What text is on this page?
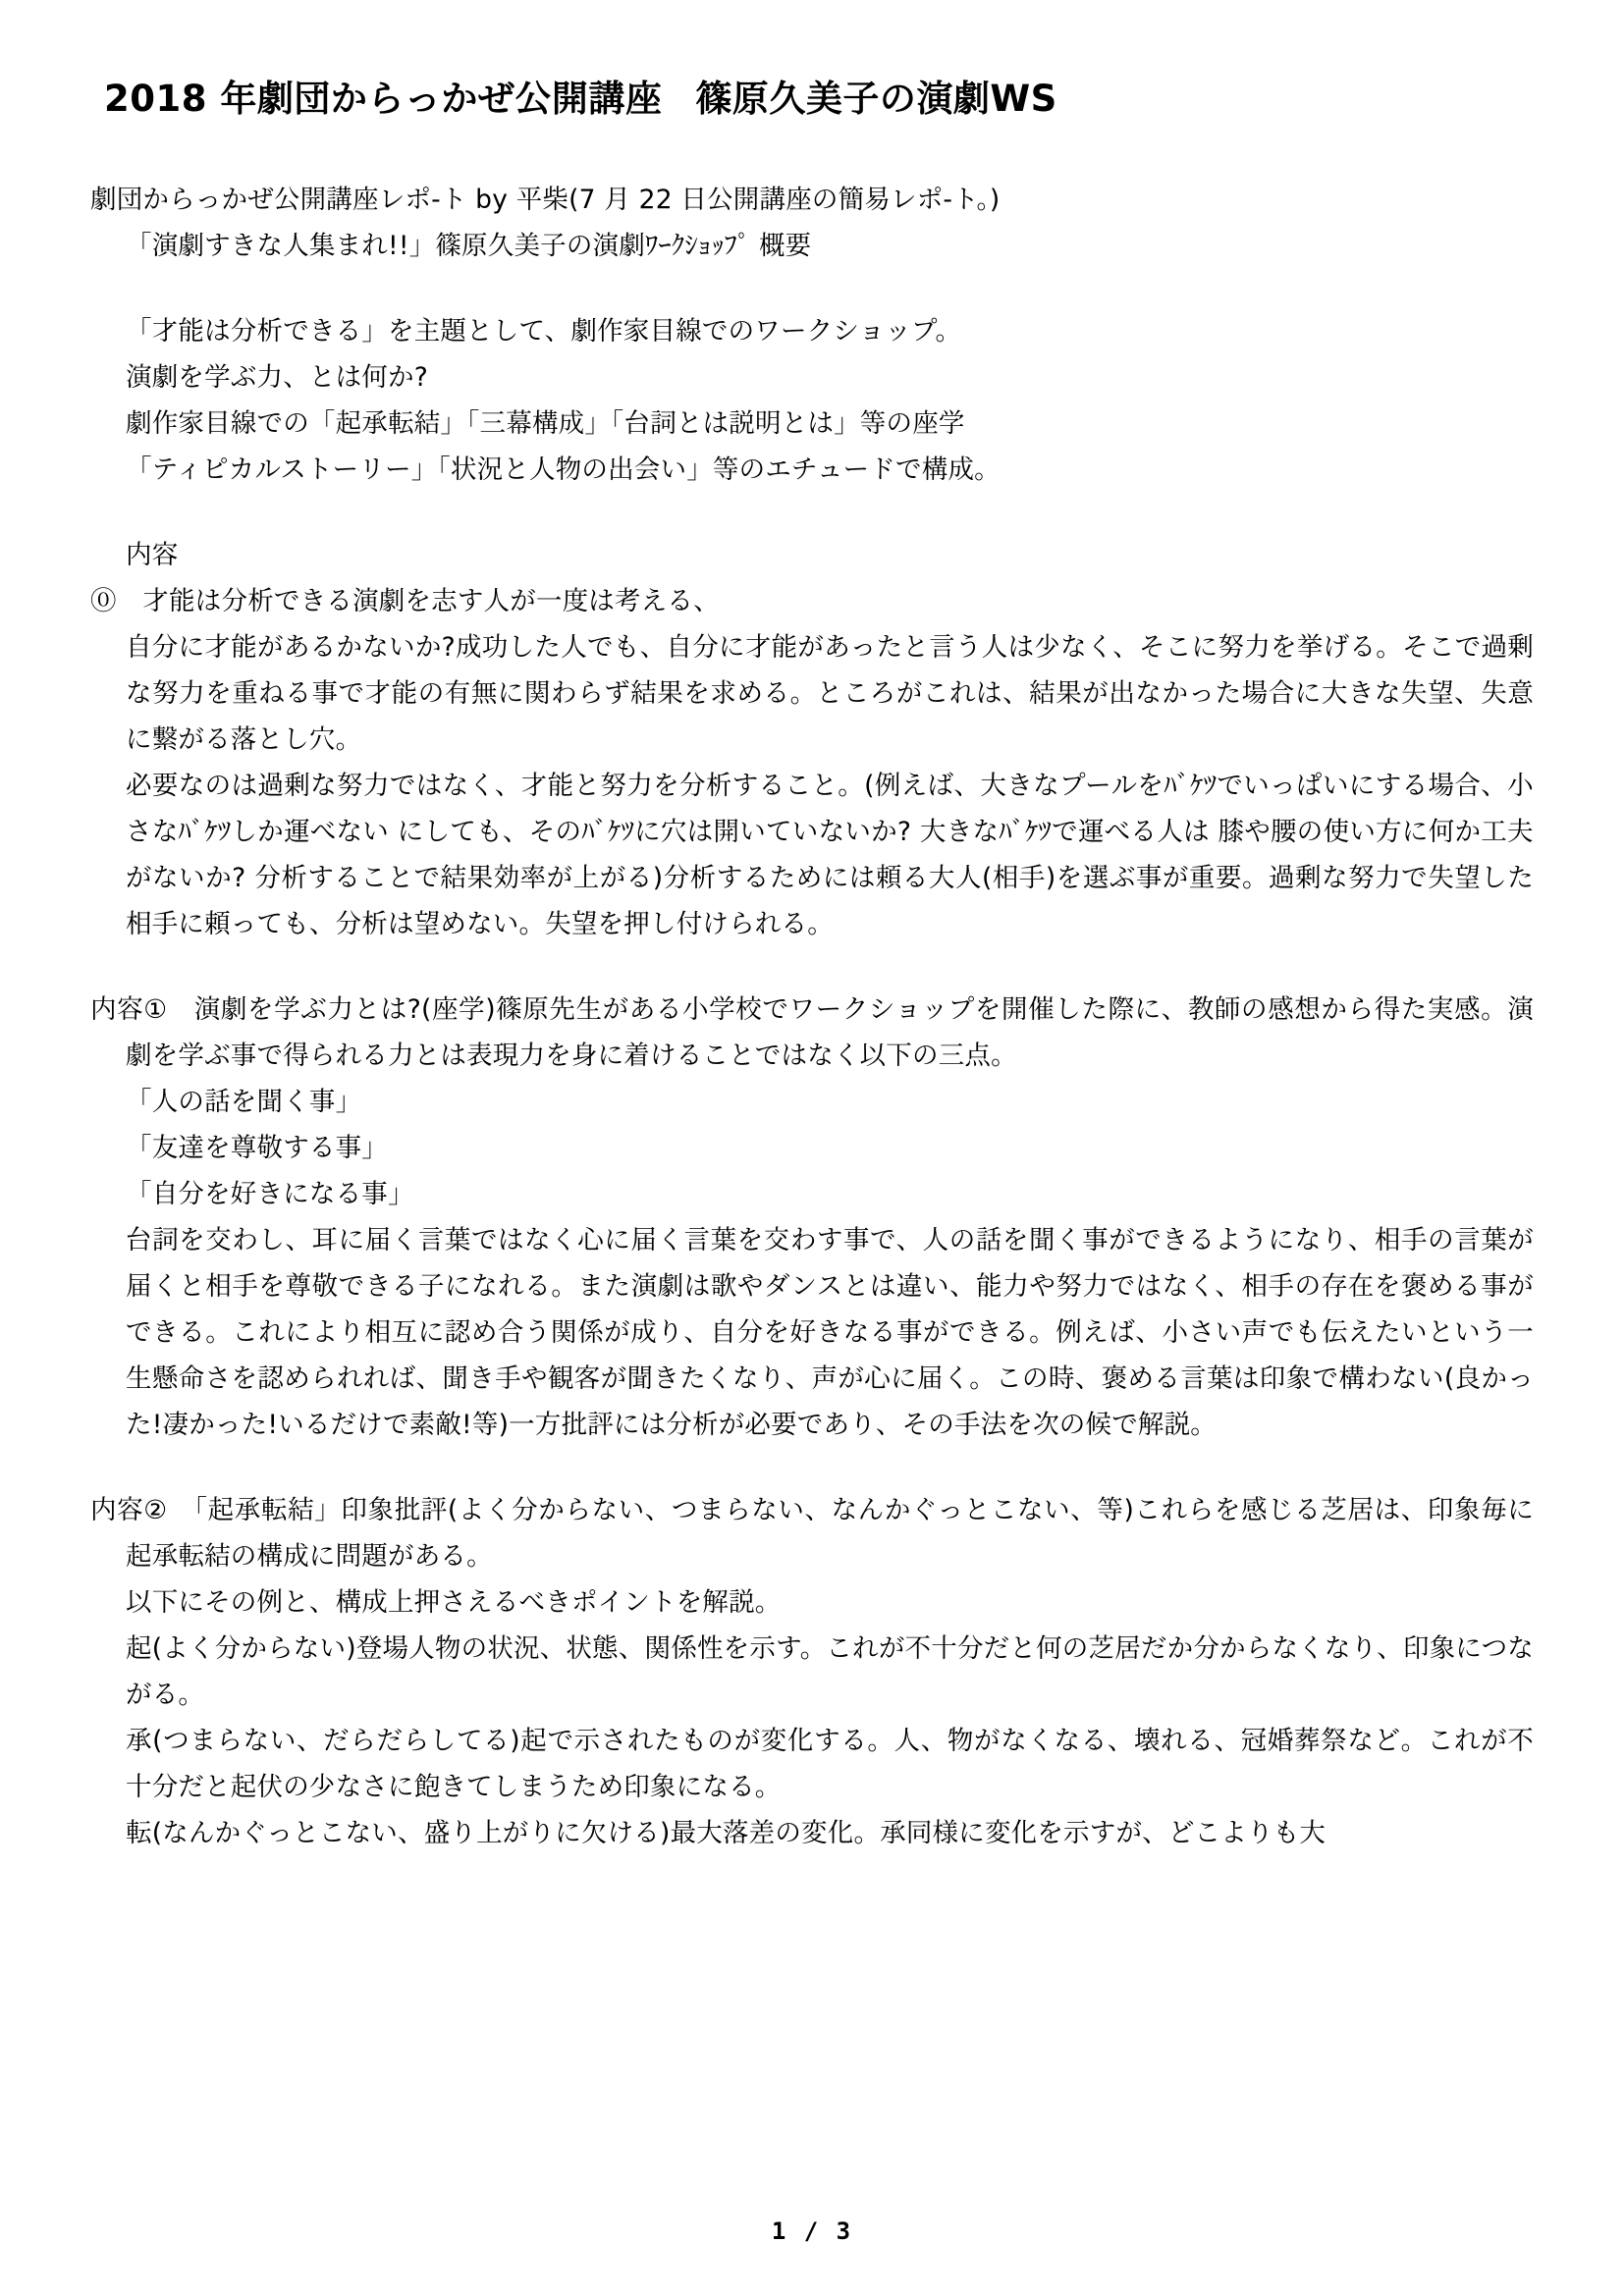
2018 年劇団からっかぜ公開講座 篠原久美子の演劇WS
劇団からっかぜ公開講座レポ-ト by 平柴(7 月 22 日公開講座の簡易レポ-ト。)
「演劇すきな人集まれ!!」篠原久美子の演劇ﾜｰｸｼｮｯﾌﾟ 概要
「才能は分析できる」を主題として、劇作家目線でのワークショップ。
演劇を学ぶ力、とは何か?
劇作家目線での「起承転結」「三幕構成」「台詞とは説明とは」等の座学
「ティピカルストーリー」「状況と人物の出会い」等のエチュードで構成。
内容
⓪　 才能は分析できる演劇を志す人が一度は考える、
自分に才能があるかないか?成功した人でも、自分に才能があったと言う人は少なく、そこに努力を挙げる。そこで過剰な努力を重ねる事で才能の有無に関わらず結果を求める。ところがこれは、結果が出なかった場合に大きな失望、失意に繋がる落とし穴。
必要なのは過剰な努力ではなく、才能と努力を分析すること。(例えば、大きなプールをﾊﾞｹﾂでいっぱいにする場合、小さなﾊﾞｹﾂしか運べない にしても、そのﾊﾞｹﾂに穴は開いていないか? 大きなﾊﾞｹﾂで運べる人は 膝や腰の使い方に何か工夫がないか? 分析することで結果効率が上がる)分析するためには頼る大人(相手)を選ぶ事が重要。過剰な努力で失望した相手に頼っても、分析は望めない。失望を押し付けられる。
内容①　 演劇を学ぶ力とは?(座学)篠原先生がある小学校でワークショップを開催した際に、教師の感想から得た実感。演劇を学ぶ事で得られる力とは表現力を身に着けることではなく以下の三点。
「人の話を聞く事」
「友達を尊敬する事」
「自分を好きになる事」
台詞を交わし、耳に届く言葉ではなく心に届く言葉を交わす事で、人の話を聞く事ができるようになり、相手の言葉が届くと相手を尊敬できる子になれる。また演劇は歌やダンスとは違い、能力や努力ではなく、相手の存在を褒める事ができる。これにより相互に認め合う関係が成り、自分を好きなる事ができる。例えば、小さい声でも伝えたいという一生懸命さを認められれば、聞き手や観客が聞きたくなり、声が心に届く。この時、褒める言葉は印象で構わない(良かった!凄かった!いるだけで素敵!等)一方批評には分析が必要であり、その手法を次の候で解説。
内容②　 「起承転結」印象批評(よく分からない、つまらない、なんかぐっとこない、等)これらを感じる芝居は、印象毎に起承転結の構成に問題がある。
以下にその例と、構成上押さえるべきポイントを解説。
起(よく分からない)登場人物の状況、状態、関係性を示す。これが不十分だと何の芝居だか分からなくなり、印象につながる。
承(つまらない、だらだらしてる)起で示されたものが変化する。人、物がなくなる、壊れる、冠婚葬祭など。これが不十分だと起伏の少なさに飽きてしまうため印象になる。
転(なんかぐっとこない、盛り上がりに欠ける)最大落差の変化。承同様に変化を示すが、どこよりも大
1 / 3
